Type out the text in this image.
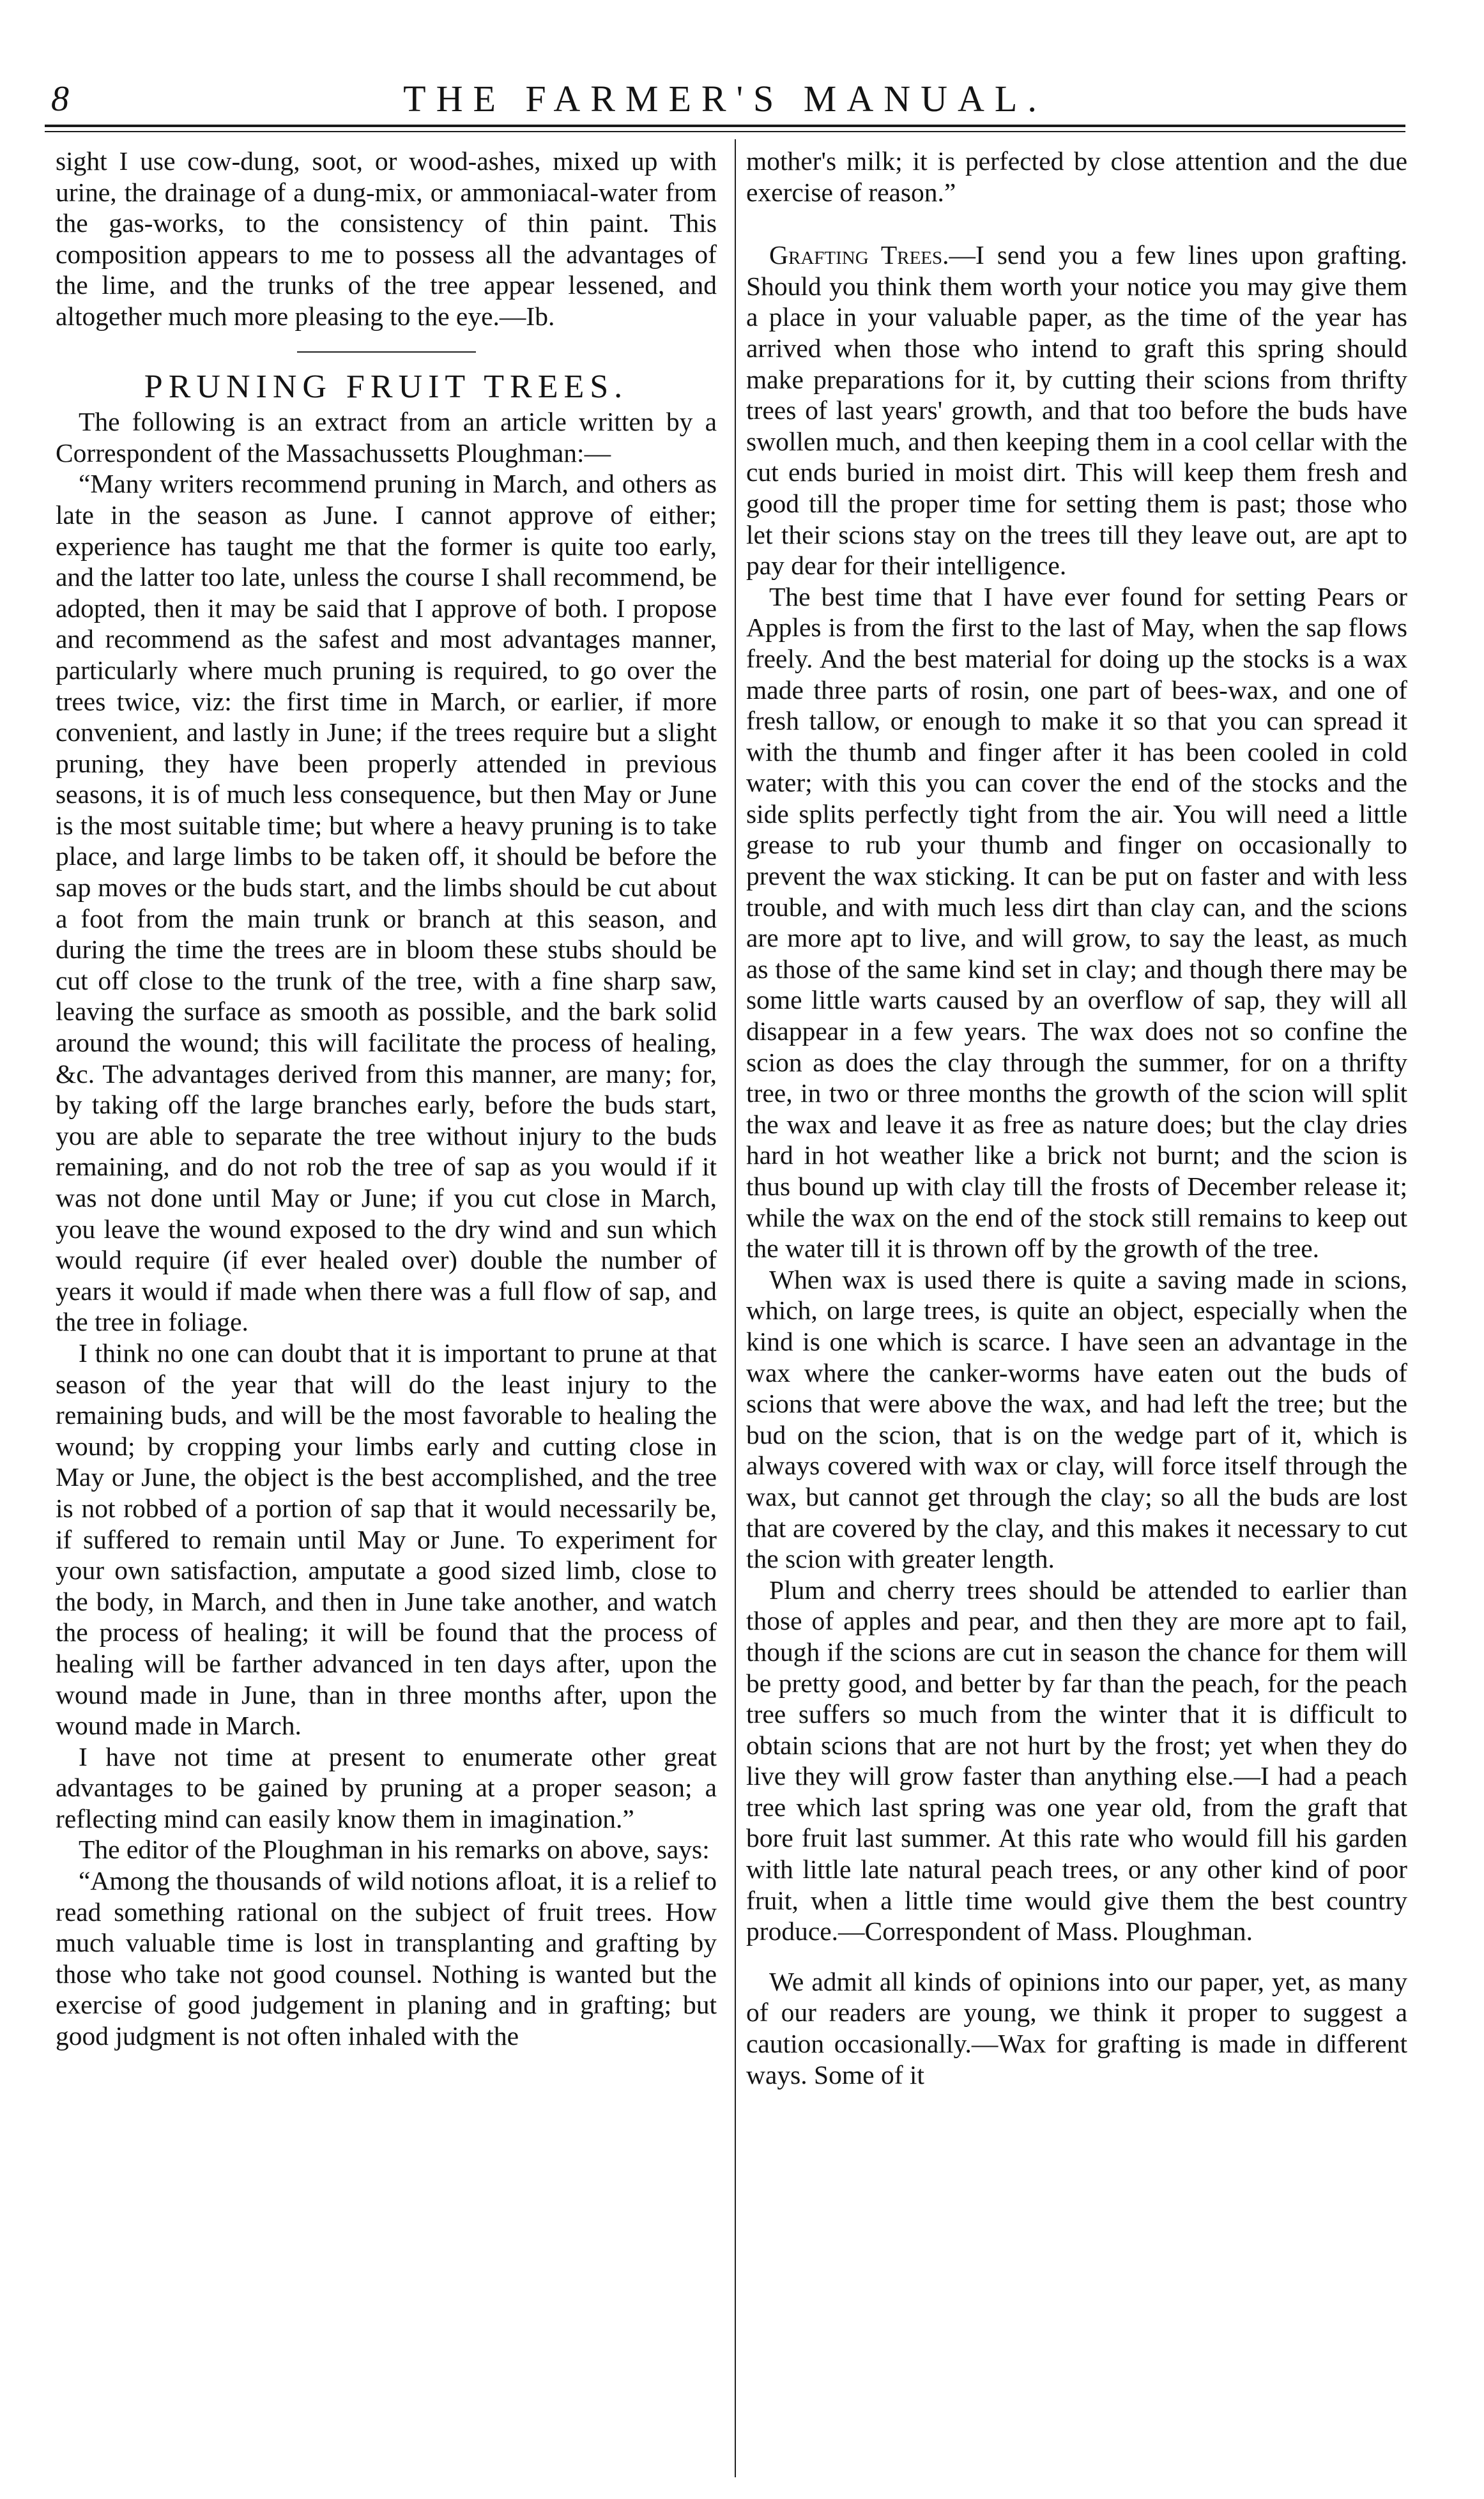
8	THE FARMER'S MANUAL.

sight I use cow-dung, soot, or wood-ashes, mixed up with urine, the drainage of a dung-mix, or ammoniacal-water from the gas-works, to the consistency of thin paint. This composition appears to me to possess all the advantages of the lime, and the trunks of the tree appear lessened, and altogether much more pleasing to the eye.—Ib.

PRUNING FRUIT TREES.

The following is an extract from an article written by a Correspondent of the Massachussetts Ploughman:—

“Many writers recommend pruning in March, and others as late in the season as June. I cannot approve of either; experience has taught me that the former is quite too early, and the latter too late, unless the course I shall recommend, be adopted, then it may be said that I approve of both. I propose and recommend as the safest and most advantages manner, particularly where much pruning is required, to go over the trees twice, viz: the first time in March, or earlier, if more convenient, and lastly in June; if the trees require but a slight pruning, they have been properly attended in previous seasons, it is of much less consequence, but then May or June is the most suitable time; but where a heavy pruning is to take place, and large limbs to be taken off, it should be before the sap moves or the buds start, and the limbs should be cut about a foot from the main trunk or branch at this season, and during the time the trees are in bloom these stubs should be cut off close to the trunk of the tree, with a fine sharp saw, leaving the surface as smooth as possible, and the bark solid around the wound; this will facilitate the process of healing, &c. The advantages derived from this manner, are many; for, by taking off the large branches early, before the buds start, you are able to separate the tree without injury to the buds remaining, and do not rob the tree of sap as you would if it was not done until May or June; if you cut close in March, you leave the wound exposed to the dry wind and sun which would require (if ever healed over) double the number of years it would if made when there was a full flow of sap, and the tree in foliage.

I think no one can doubt that it is important to prune at that season of the year that will do the least injury to the remaining buds, and will be the most favorable to healing the wound; by cropping your limbs early and cutting close in May or June, the object is the best accomplished, and the tree is not robbed of a portion of sap that it would necessarily be, if suffered to remain until May or June. To experiment for your own satisfaction, amputate a good sized limb, close to the body, in March, and then in June take another, and watch the process of healing; it will be found that the process of healing will be farther advanced in ten days after, upon the wound made in June, than in three months after, upon the wound made in March.

I have not time at present to enumerate other great advantages to be gained by pruning at a proper season; a reflecting mind can easily know them in imagination.”

The editor of the Ploughman in his remarks on above, says:

“Among the thousands of wild notions afloat, it is a relief to read something rational on the subject of fruit trees. How much valuable time is lost in transplanting and grafting by those who take not good counsel. Nothing is wanted but the exercise of good judgement in planing and in grafting; but good judgment is not often inhaled with the

mother's milk; it is perfected by close attention and the due exercise of reason.”

Grafting Trees.—I send you a few lines upon grafting. Should you think them worth your notice you may give them a place in your valuable paper, as the time of the year has arrived when those who intend to graft this spring should make preparations for it, by cutting their scions from thrifty trees of last years' growth, and that too before the buds have swollen much, and then keeping them in a cool cellar with the cut ends buried in moist dirt. This will keep them fresh and good till the proper time for setting them is past; those who let their scions stay on the trees till they leave out, are apt to pay dear for their intelligence.

The best time that I have ever found for setting Pears or Apples is from the first to the last of May, when the sap flows freely. And the best material for doing up the stocks is a wax made three parts of rosin, one part of bees-wax, and one of fresh tallow, or enough to make it so that you can spread it with the thumb and finger after it has been cooled in cold water; with this you can cover the end of the stocks and the side splits perfectly tight from the air. You will need a little grease to rub your thumb and finger on occasionally to prevent the wax sticking. It can be put on faster and with less trouble, and with much less dirt than clay can, and the scions are more apt to live, and will grow, to say the least, as much as those of the same kind set in clay; and though there may be some little warts caused by an overflow of sap, they will all disappear in a few years. The wax does not so confine the scion as does the clay through the summer, for on a thrifty tree, in two or three months the growth of the scion will split the wax and leave it as free as nature does; but the clay dries hard in hot weather like a brick not burnt; and the scion is thus bound up with clay till the frosts of December release it; while the wax on the end of the stock still remains to keep out the water till it is thrown off by the growth of the tree.

When wax is used there is quite a saving made in scions, which, on large trees, is quite an object, especially when the kind is one which is scarce. I have seen an advantage in the wax where the canker-worms have eaten out the buds of scions that were above the wax, and had left the tree; but the bud on the scion, that is on the wedge part of it, which is always covered with wax or clay, will force itself through the wax, but cannot get through the clay; so all the buds are lost that are covered by the clay, and this makes it necessary to cut the scion with greater length.

Plum and cherry trees should be attended to earlier than those of apples and pear, and then they are more apt to fail, though if the scions are cut in season the chance for them will be pretty good, and better by far than the peach, for the peach tree suffers so much from the winter that it is difficult to obtain scions that are not hurt by the frost; yet when they do live they will grow faster than anything else.—I had a peach tree which last spring was one year old, from the graft that bore fruit last summer. At this rate who would fill his garden with little late natural peach trees, or any other kind of poor fruit, when a little time would give them the best country produce.—Correspondent of Mass. Ploughman.

We admit all kinds of opinions into our paper, yet, as many of our readers are young, we think it proper to suggest a caution occasionally.—Wax for grafting is made in different ways. Some of it
